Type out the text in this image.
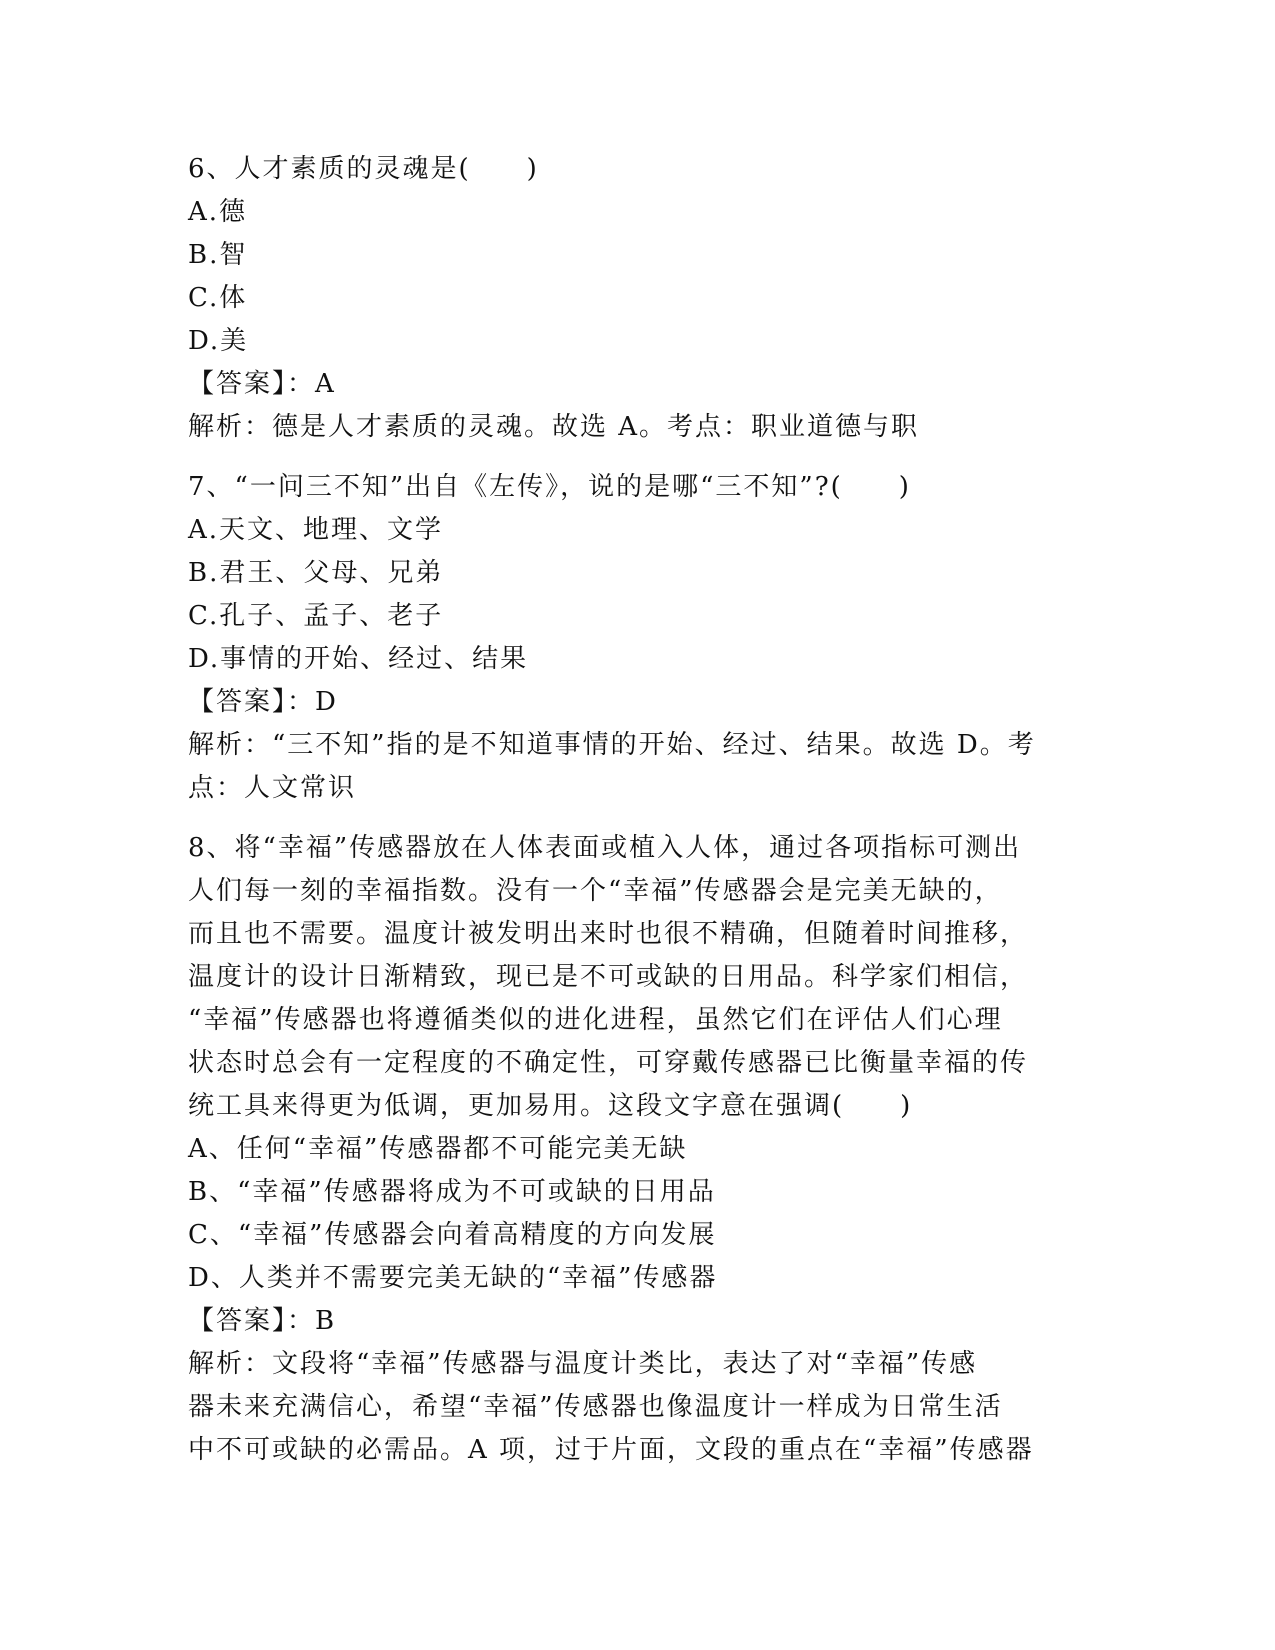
6、人才素质的灵魂是(　　)
A.德
B.智
C.体
D.美
【答案】：A
解析：德是人才素质的灵魂。故选 A。考点：职业道德与职
7、“一问三不知”出自《左传》，说的是哪“三不知”?(　　)
A.天文、地理、文学
B.君王、父母、兄弟
C.孔子、孟子、老子
D.事情的开始、经过、结果
【答案】：D
解析：“三不知”指的是不知道事情的开始、经过、结果。故选 D。考
点：人文常识
8、将“幸福”传感器放在人体表面或植入人体，通过各项指标可测出
人们每一刻的幸福指数。没有一个“幸福”传感器会是完美无缺的，
而且也不需要。温度计被发明出来时也很不精确，但随着时间推移，
温度计的设计日渐精致，现已是不可或缺的日用品。科学家们相信，
“幸福”传感器也将遵循类似的进化进程，虽然它们在评估人们心理
状态时总会有一定程度的不确定性，可穿戴传感器已比衡量幸福的传
统工具来得更为低调，更加易用。这段文字意在强调(　　)
A、任何“幸福”传感器都不可能完美无缺
B、“幸福”传感器将成为不可或缺的日用品
C、“幸福”传感器会向着高精度的方向发展
D、人类并不需要完美无缺的“幸福”传感器
【答案】：B
解析：文段将“幸福”传感器与温度计类比，表达了对“幸福”传感
器未来充满信心，希望“幸福”传感器也像温度计一样成为日常生活
中不可或缺的必需品。A 项，过于片面，文段的重点在“幸福”传感器
